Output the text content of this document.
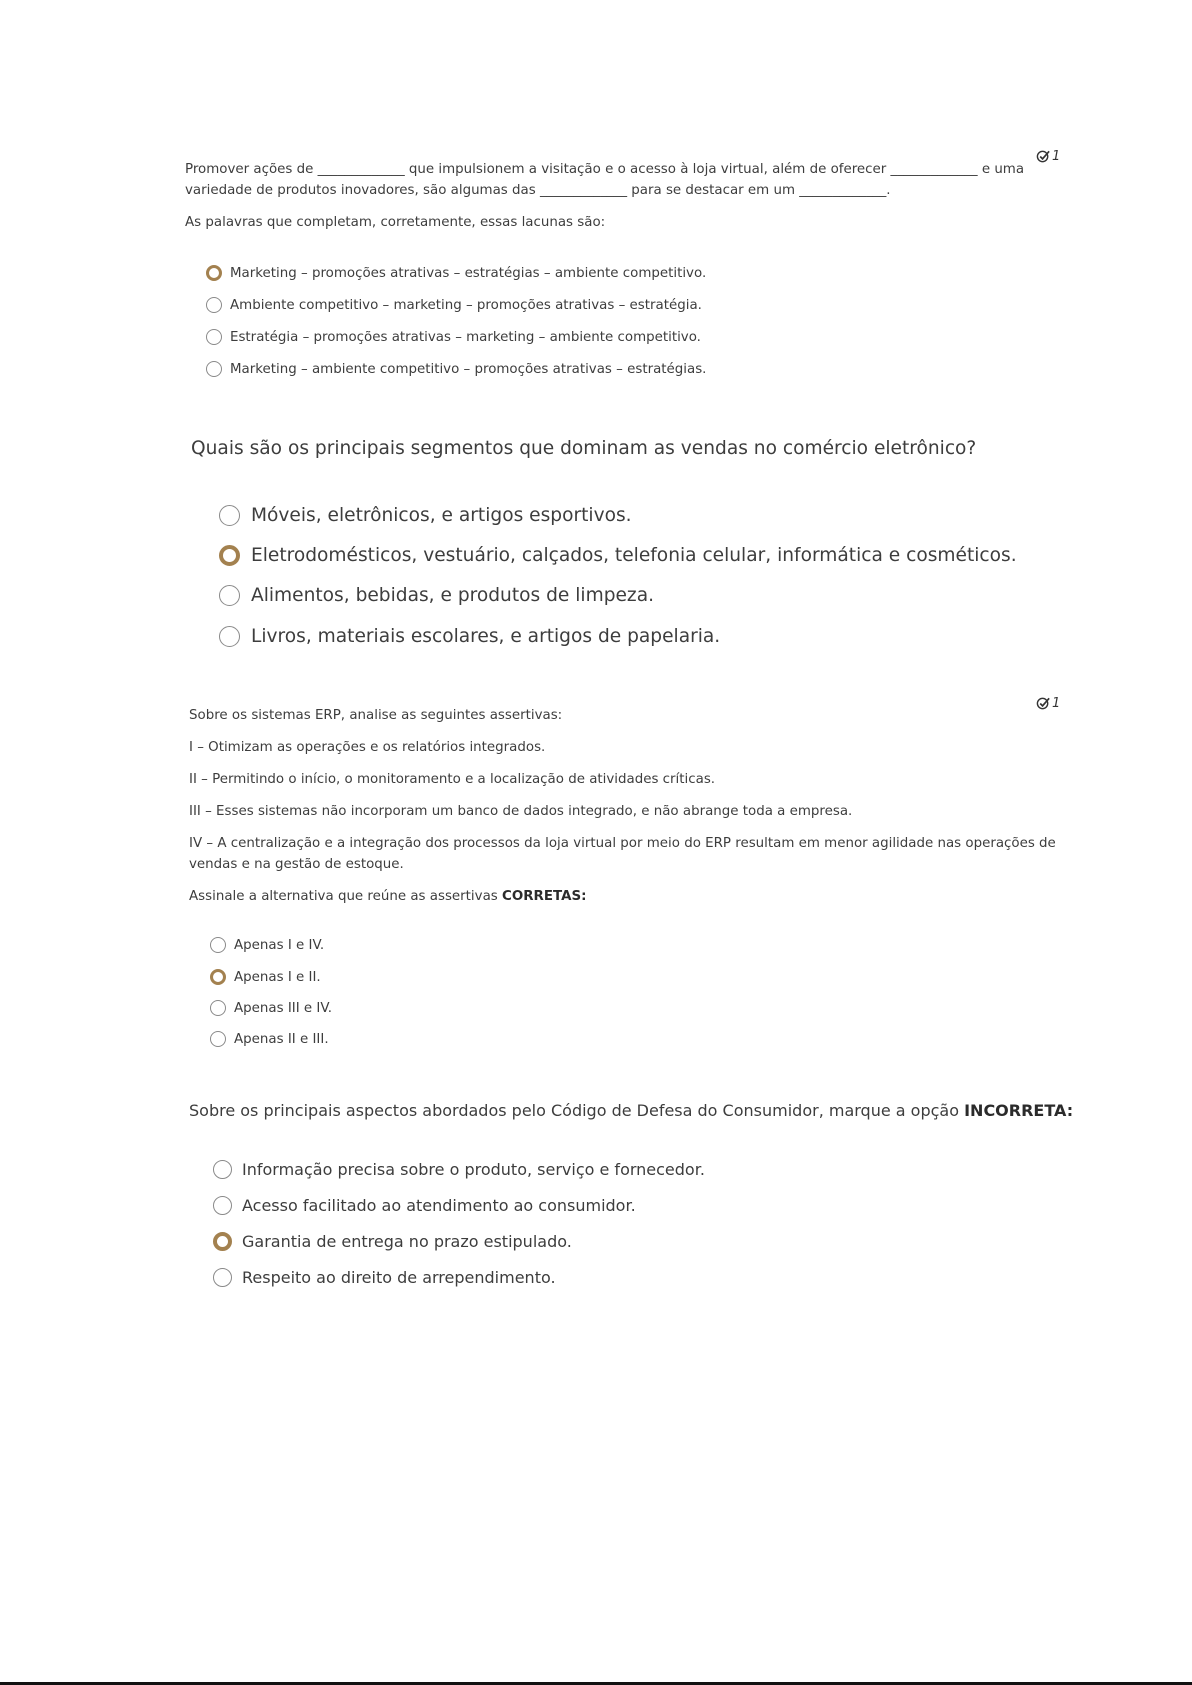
1

Promover ações de _____________ que impulsionem a visitação e o acesso à loja virtual, além de oferecer _____________ e uma

variedade de produtos inovadores, são algumas das _____________ para se destacar em um _____________.

As palavras que completam, corretamente, essas lacunas são:

Marketing – promoções atrativas – estratégias – ambiente competitivo.
Ambiente competitivo – marketing – promoções atrativas – estratégia.
Estratégia – promoções atrativas – marketing – ambiente competitivo.
Marketing – ambiente competitivo – promoções atrativas – estratégias.

Quais são os principais segmentos que dominam as vendas no comércio eletrônico?

Móveis, eletrônicos, e artigos esportivos.
Eletrodomésticos, vestuário, calçados, telefonia celular, informática e cosméticos.
Alimentos, bebidas, e produtos de limpeza.
Livros, materiais escolares, e artigos de papelaria.
1

Sobre os sistemas ERP, analise as seguintes assertivas:

I – Otimizam as operações e os relatórios integrados.

II – Permitindo o início, o monitoramento e a localização de atividades críticas.

III – Esses sistemas não incorporam um banco de dados integrado, e não abrange toda a empresa.

IV – A centralização e a integração dos processos da loja virtual por meio do ERP resultam em menor agilidade nas operações de

vendas e na gestão de estoque.

Assinale a alternativa que reúne as assertivas CORRETAS:

Apenas I e IV.
Apenas I e II.
Apenas III e IV.
Apenas II e III.

Sobre os principais aspectos abordados pelo Código de Defesa do Consumidor, marque a opção INCORRETA:

Informação precisa sobre o produto, serviço e fornecedor.
Acesso facilitado ao atendimento ao consumidor.
Garantia de entrega no prazo estipulado.
Respeito ao direito de arrependimento.
